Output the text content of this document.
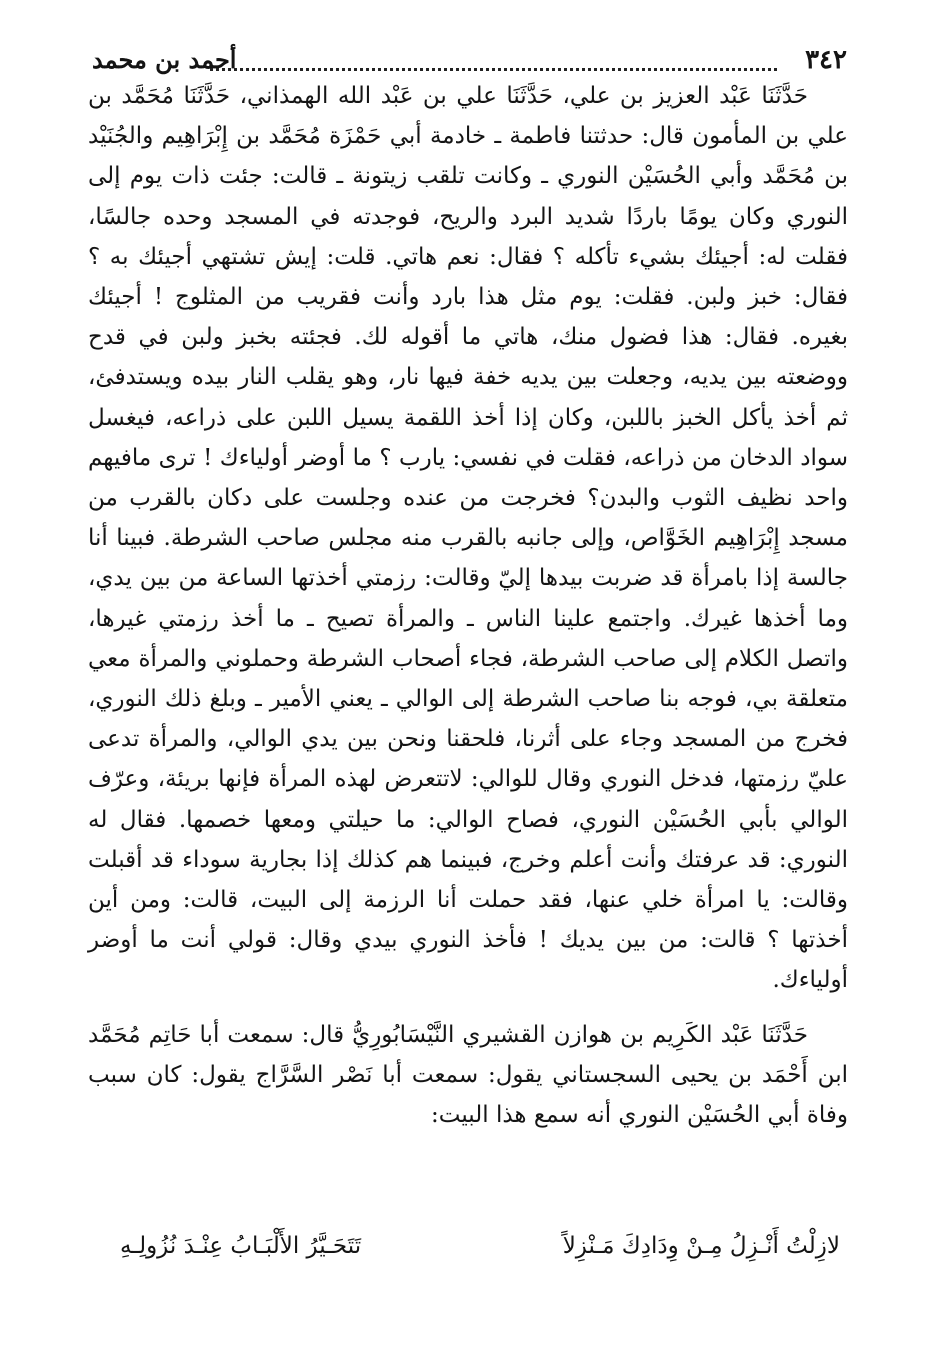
٣٤٢
أحمد بن محمد

حَدَّثَنَا عَبْد العزيز بن علي، حَدَّثَنَا علي بن عَبْد الله الهمذاني، حَدَّثَنَا مُحَمَّد بن علي بن المأمون قال: حدثتنا فاطمة ـ خادمة أبي حَمْزَة مُحَمَّد بن إِبْرَاهِيم والجُنَيْد بن مُحَمَّد وأبي الحُسَيْن النوري ـ وكانت تلقب زيتونة ـ قالت: جئت ذات يوم إلى النوري وكان يومًا باردًا شديد البرد والريح، فوجدته في المسجد وحده جالسًا، فقلت له: أجيئك بشيء تأكله ؟ فقال: نعم هاتي. قلت: إيش تشتهي أجيئك به ؟ فقال: خبز ولبن. فقلت: يوم مثل هذا بارد وأنت فقريب من المثلوج ! أجيئك بغيره. فقال: هذا فضول منك، هاتي ما أقوله لك. فجئته بخبز ولبن في قدح ووضعته بين يديه، وجعلت بين يديه خفة فيها نار، وهو يقلب النار بيده ويستدفئ، ثم أخذ يأكل الخبز باللبن، وكان إذا أخذ اللقمة يسيل اللبن على ذراعه، فيغسل سواد الدخان من ذراعه، فقلت في نفسي: يارب ؟ ما أوضر أولياءك ! ترى مافيهم واحد نظيف الثوب والبدن؟ فخرجت من عنده وجلست على دكان بالقرب من مسجد إِبْرَاهِيم الخَوَّاص، وإلى جانبه بالقرب منه مجلس صاحب الشرطة. فبينا أنا جالسة إذا بامرأة قد ضربت بيدها إليّ وقالت: رزمتي أخذتها الساعة من بين يدي، وما أخذها غيرك. واجتمع علينا الناس ـ والمرأة تصيح ـ ما أخذ رزمتي غيرها، واتصل الكلام إلى صاحب الشرطة، فجاء أصحاب الشرطة وحملوني والمرأة معي متعلقة بي، فوجه بنا صاحب الشرطة إلى الوالي ـ يعني الأمير ـ وبلغ ذلك النوري، فخرج من المسجد وجاء على أثرنا، فلحقنا ونحن بين يدي الوالي، والمرأة تدعى عليّ رزمتها، فدخل النوري وقال للوالي: لاتتعرض لهذه المرأة فإنها بريئة، وعرّف الوالي بأبي الحُسَيْن النوري، فصاح الوالي: ما حيلتي ومعها خصمها. فقال له النوري: قد عرفتك وأنت أعلم وخرج، فبينما هم كذلك إذا بجارية سوداء قد أقبلت وقالت: يا امرأة خلي عنها، فقد حملت أنا الرزمة إلى البيت، قالت: ومن أين أخذتها ؟ قالت: من بين يديك ! فأخذ النوري بيدي وقال: قولي أنت ما أوضر أولياءك.

حَدَّثَنَا عَبْد الكَرِيم بن هوازن القشيري النَّيْسَابُورِيُّ قال: سمعت أبا حَاتِم مُحَمَّد ابن أَحْمَد بن يحيى السجستاني يقول: سمعت أبا نَصْر السَّرَّاج يقول: كان سبب وفاة أبي الحُسَيْن النوري أنه سمع هذا البيت:

لازِلْتُ أَنْـزِلُ مِـنْ وِدَادِكَ مَـنْزِلاً
تَتَحَـيَّرُ الأَلْبَـابُ عِنْـدَ نُزُولِـهِ
